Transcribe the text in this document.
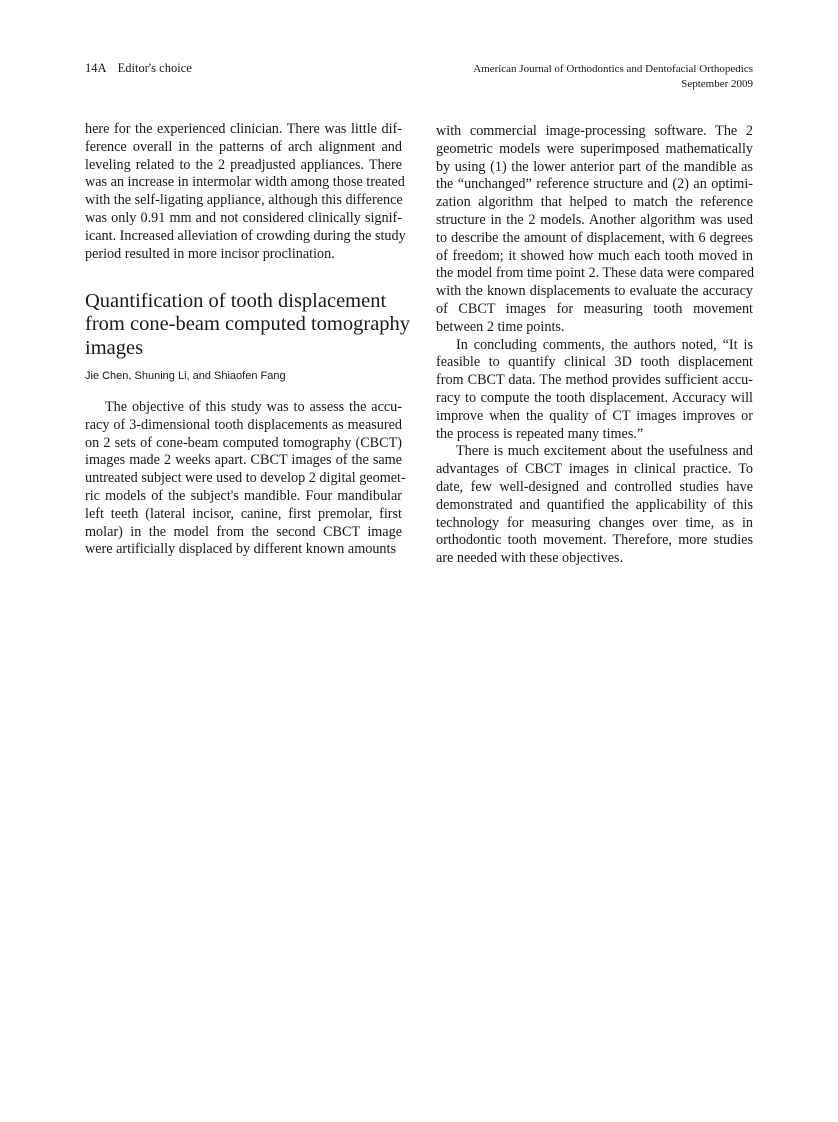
14A Editor's choice	American Journal of Orthodontics and Dentofacial Orthopedics
September 2009
here for the experienced clinician. There was little dif-
ference overall in the patterns of arch alignment and
leveling related to the 2 preadjusted appliances. There
was an increase in intermolar width among those treated
with the self-ligating appliance, although this difference
was only 0.91 mm and not considered clinically signif-
icant. Increased alleviation of crowding during the study
period resulted in more incisor proclination.
Quantification of tooth displacement
from cone-beam computed tomography
images
Jie Chen, Shuning Li, and Shiaofen Fang
The objective of this study was to assess the accu-
racy of 3-dimensional tooth displacements as measured
on 2 sets of cone-beam computed tomography (CBCT)
images made 2 weeks apart. CBCT images of the same
untreated subject were used to develop 2 digital geomet-
ric models of the subject's mandible. Four mandibular
left teeth (lateral incisor, canine, first premolar, first
molar) in the model from the second CBCT image
were artificially displaced by different known amounts
with commercial image-processing software. The 2
geometric models were superimposed mathematically
by using (1) the lower anterior part of the mandible as
the “unchanged” reference structure and (2) an optimi-
zation algorithm that helped to match the reference
structure in the 2 models. Another algorithm was used
to describe the amount of displacement, with 6 degrees
of freedom; it showed how much each tooth moved in
the model from time point 2. These data were compared
with the known displacements to evaluate the accuracy
of CBCT images for measuring tooth movement
between 2 time points.
In concluding comments, the authors noted, “It is
feasible to quantify clinical 3D tooth displacement
from CBCT data. The method provides sufficient accu-
racy to compute the tooth displacement. Accuracy will
improve when the quality of CT images improves or
the process is repeated many times.”
There is much excitement about the usefulness and
advantages of CBCT images in clinical practice. To
date, few well-designed and controlled studies have
demonstrated and quantified the applicability of this
technology for measuring changes over time, as in
orthodontic tooth movement. Therefore, more studies
are needed with these objectives.
